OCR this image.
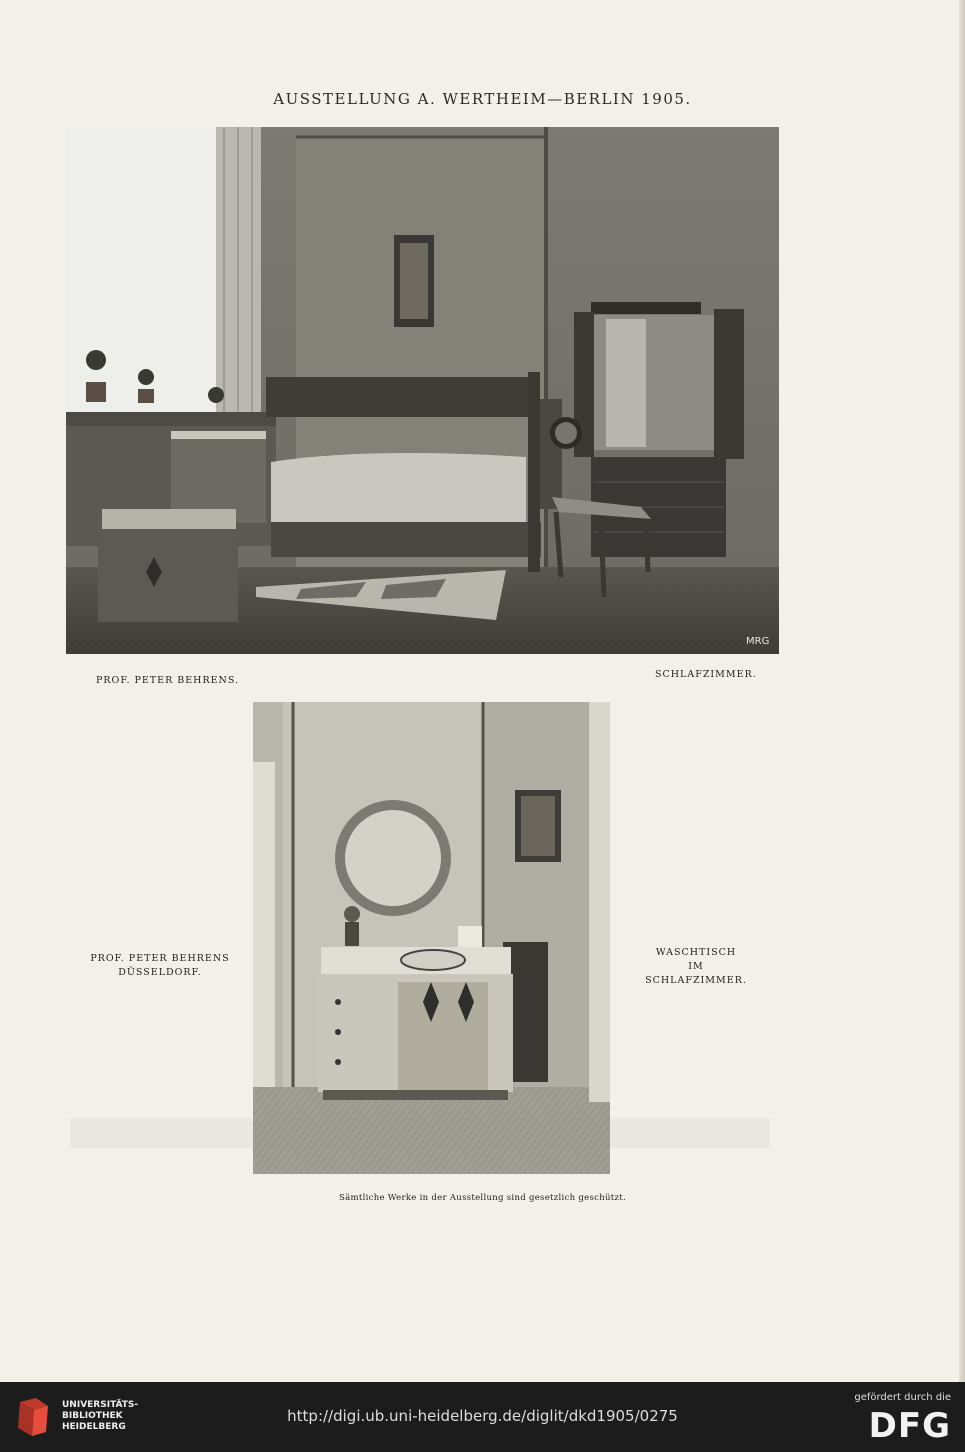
AUSSTELLUNG A. WERTHEIM—BERLIN 1905.
MRG
PROF. PETER BEHRENS.
SCHLAFZIMMER.
PROF. PETER BEHRENS
DÜSSELDORF.
WASCHTISCH
IM SCHLAFZIMMER.
Sämtliche Werke in der Ausstellung sind gesetzlich geschützt.
UNIVERSITÄTS-
BIBLIOTHEK
HEIDELBERG
http://digi.ub.uni-heidelberg.de/diglit/dkd1905/0275
gefördert durch die
DFG
